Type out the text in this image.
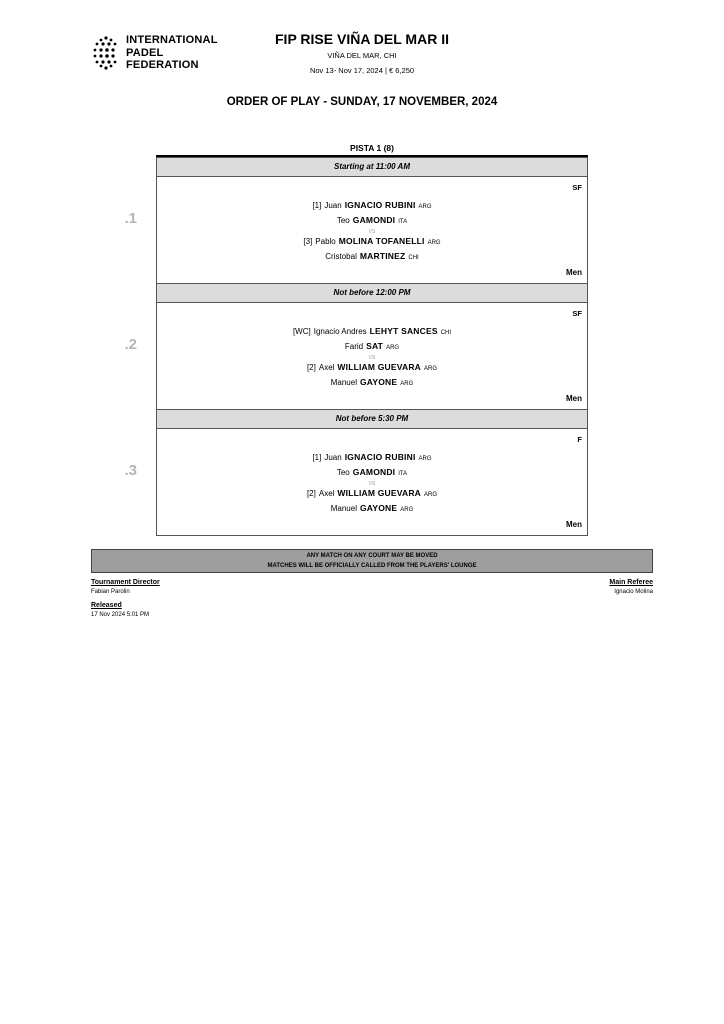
INTERNATIONAL
PADEL
FEDERATION
FIP RISE VIÑA DEL MAR II
VIÑA DEL MAR, CHI
Nov 13- Nov 17, 2024 | € 6,250
ORDER OF PLAY - SUNDAY, 17 NOVEMBER, 2024
PISTA 1 (8)
Starting at 11:00 AM
1.
SF
[1] Juan IGNACIO RUBINI ARG
Teo GAMONDI ITA
VS
[3] Pablo MOLINA TOFANELLI ARG
Cristobal MARTINEZ CHI
Men
Not before 12:00 PM
2.
SF
[WC] Ignacio Andres LEHYT SANCES CHI
Farid SAT ARG
VS
[2] Axel WILLIAM GUEVARA ARG
Manuel GAYONE ARG
Men
Not before 5:30 PM
3.
F
[1] Juan IGNACIO RUBINI ARG
Teo GAMONDI ITA
VS
[2] Axel WILLIAM GUEVARA ARG
Manuel GAYONE ARG
Men
ANY MATCH ON ANY COURT MAY BE MOVED
MATCHES WILL BE OFFICIALLY CALLED FROM THE PLAYERS' LOUNGE
Tournament Director
Fabian Parolin
Released
17 Nov 2024 5:01 PM
Main Referee
Ignacio Molina
